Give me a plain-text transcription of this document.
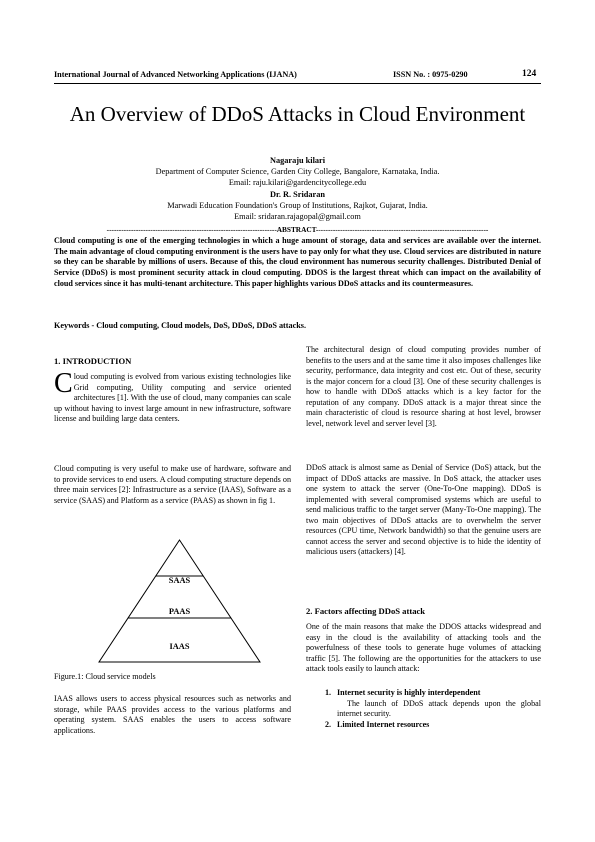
International Journal of Advanced Networking Applications (IJANA)	ISSN No. : 0975-0290	124
An Overview of DDoS Attacks in Cloud Environment
Nagaraju kilari
Department of Computer Science, Garden City College, Bangalore, Karnataka, India.
Email: raju.kilari@gardencitycollege.edu
Dr. R. Sridaran
Marwadi Education Foundation's Group of Institutions, Rajkot, Gujarat, India.
Email: sridaran.rajagopal@gmail.com
----------------------------------------------------------------------ABSTRACT-----------------------------------------------------------------------
Cloud computing is one of the emerging technologies in which a huge amount of storage, data and services are available over the internet. The main advantage of cloud computing environment is the users have to pay only for what they use. Cloud services are distributed in nature so they can be sharable by millions of users. Because of this, the cloud environment has numerous security challenges. Distributed Denial of Service (DDoS) is most prominent security attack in cloud computing. DDOS is the largest threat which can impact on the availability of cloud services since it has multi-tenant architecture. This paper highlights various DDoS attacks and its countermeasures.
Keywords - Cloud computing, Cloud models, DoS, DDoS, DDoS attacks.
1. INTRODUCTION
Cloud computing is evolved from various existing technologies like Grid computing, Utility computing and service oriented architectures [1]. With the use of cloud, many companies can scale up without having to invest large amount in new infrastructure, software license and building large data centers.
Cloud computing is very useful to make use of hardware, software and to provide services to end users. A cloud computing structure depends on three main services [2]: Infrastructure as a service (IAAS), Software as a service (SAAS) and Platform as a service (PAAS) as shown in fig 1.
SAAS
PAAS
IAAS
Figure.1: Cloud service models
IAAS allows users to access physical resources such as networks and storage, while PAAS provides access to the various platforms and operating system. SAAS enables the users to access software applications.
The architectural design of cloud computing provides number of benefits to the users and at the same time it also imposes challenges like security, performance, data integrity and cost etc. Out of these, security is the major concern for a cloud [3]. One of these security challenges is how to handle with DDoS attacks which is a key factor for the reputation of any company. DDoS attack is a major threat since the main characteristic of cloud is resource sharing at host level, browser level, network level and server level [3].
DDoS attack is almost same as Denial of Service (DoS) attack, but the impact of DDoS attacks are massive. In DoS attack, the attacker uses one system to attack the server (One-To-One mapping). DDoS is implemented with several compromised systems which are useful to send malicious traffic to the target server (Many-To-One mapping). The two main objectives of DDoS attacks are to overwhelm the server resources (CPU time, Network bandwidth) so that the genuine users are cannot access the server and second objective is to hide the identity of malicious users (attackers) [4].
2. Factors affecting DDoS attack
One of the main reasons that make the DDOS attacks widespread and easy in the cloud is the availability of attacking tools and the powerfulness of these tools to generate huge volumes of attacking traffic [5]. The following are the opportunities for the attackers to use attack tools easily to launch attack:
1. Internet security is highly interdependent
The launch of DDoS attack depends upon the global internet security.
2. Limited Internet resources
